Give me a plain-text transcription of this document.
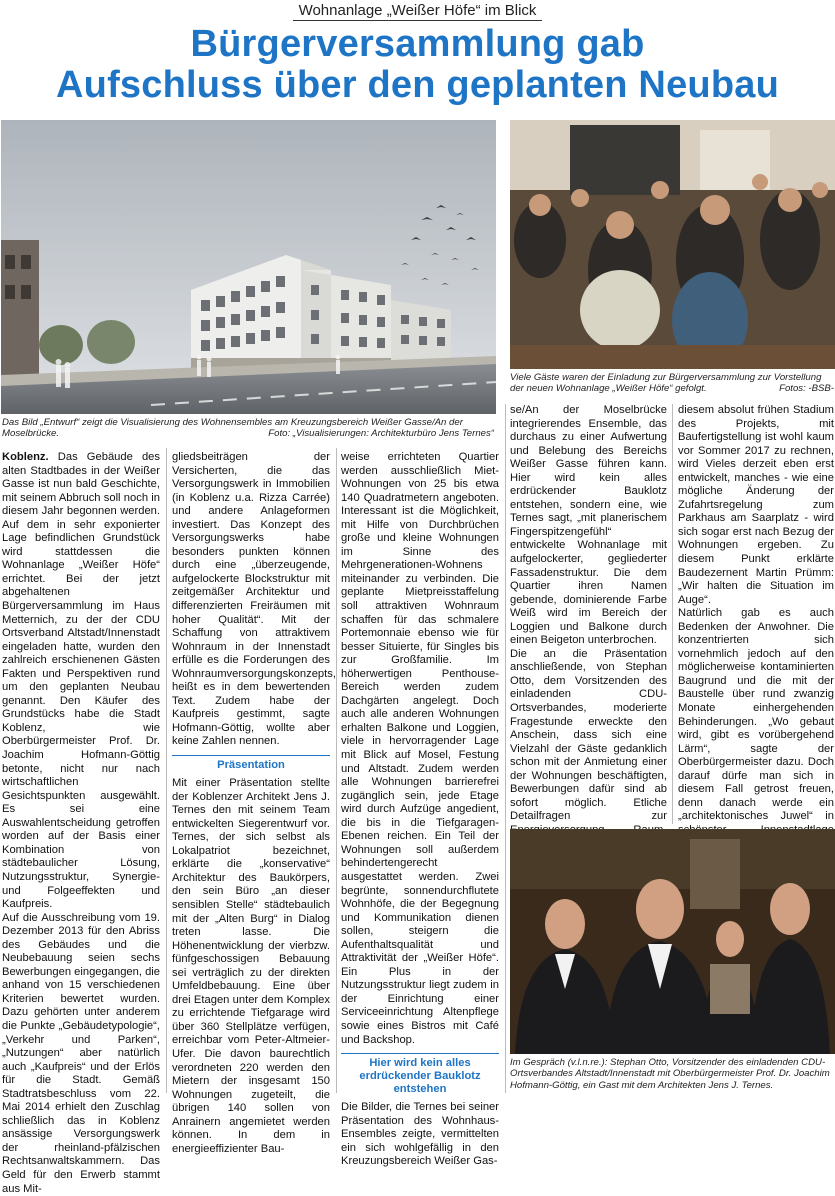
Wohnanlage „Weißer Höfe“ im Blick
Bürgerversammlung gab
Aufschluss über den geplanten Neubau
Das Bild „Entwurf“ zeigt die Visualisierung des Wohnensembles am Kreuzungsbereich Weißer Gasse/An der Moselbrücke.	Foto: „Visualisierungen: Architekturbüro Jens Ternes“
Viele Gäste waren der Einladung zur Bürgerversammlung zur Vorstellung der neuen Wohnanlage „Weißer Höfe“ gefolgt.	Fotos: -BSB-

Koblenz. Das Gebäude des alten Stadtbades in der Weißer Gasse ist nun bald Geschichte, mit seinem Abbruch soll noch in diesem Jahr begonnen werden. Auf dem in sehr exponierter Lage befindlichen Grundstück wird stattdessen die Wohnanlage „Weißer Höfe“ errichtet. Bei der jetzt abgehaltenen Bürgerversammlung im Haus Metternich, zu der der CDU Ortsverband Altstadt/Innenstadt eingeladen hatte, wurden den zahlreich erschienenen Gästen Fakten und Perspektiven rund um den geplanten Neubau genannt. Den Käufer des Grundstücks habe die Stadt Koblenz, wie Oberbürgermeister Prof. Dr. Joachim Hofmann-Göttig betonte, nicht nur nach wirtschaftlichen Gesichtspunkten ausgewählt. Es sei eine Auswahlentscheidung getroffen worden auf der Basis einer Kombination von städtebaulicher Lösung, Nutzungsstruktur, Synergie- und Folgeeffekten und Kaufpreis.

Auf die Ausschreibung vom 19. Dezember 2013 für den Abriss des Gebäudes und die Neubebauung seien sechs Bewerbungen eingegangen, die anhand von 15 verschiedenen Kriterien bewertet wurden. Dazu gehörten unter anderem die Punkte „Gebäudetypologie“, „Verkehr und Parken“, „Nutzungen“ aber natürlich auch „Kaufpreis“ und der Erlös für die Stadt. Gemäß Stadtratsbeschluss vom 22. Mai 2014 erhielt den Zuschlag schließlich das in Koblenz ansässige Versorgungswerk der rheinland-pfälzischen Rechtsanwaltskammern. Das Geld für den Erwerb stammt aus Mit-

gliedsbeiträgen der Versicherten, die das Versorgungswerk in Immobilien (in Koblenz u.a. Rizza Carrée) und andere Anlageformen investiert. Das Konzept des Versorgungswerks habe besonders punkten können durch eine „überzeugende, aufgelockerte Blockstruktur mit zeitgemäßer Architektur und differenzierten Freiräumen mit hoher Qualität“. Mit der Schaffung von attraktivem Wohnraum in der Innenstadt erfülle es die Forderungen des Wohnraumversorgungskonzepts, heißt es in dem bewertenden Text. Zudem habe der Kaufpreis gestimmt, sagte Hofmann-Göttig, wollte aber keine Zahlen nennen.

Präsentation

Mit einer Präsentation stellte der Koblenzer Architekt Jens J. Ternes den mit seinem Team entwickelten Siegerentwurf vor. Ternes, der sich selbst als Lokalpatriot bezeichnet, erklärte die „konservative“ Architektur des Baukörpers, den sein Büro „an dieser sensiblen Stelle“ städtebaulich mit der „Alten Burg“ in Dialog treten lasse. Die Höhenentwicklung der vierbzw. fünfgeschossigen Bebauung sei verträglich zu der direkten Umfeldbebauung. Eine über drei Etagen unter dem Komplex zu errichtende Tiefgarage wird über 360 Stellplätze verfügen, erreichbar vom Peter-Altmeier-Ufer. Die davon baurechtlich verordneten 220 werden den Mietern der insgesamt 150 Wohnungen zugeteilt, die übrigen 140 sollen von Anrainern angemietet werden können. In dem in energieeffizienter Bau-

weise errichteten Quartier werden ausschließlich Miet-Wohnungen von 25 bis etwa 140 Quadratmetern angeboten. Interessant ist die Möglichkeit, mit Hilfe von Durchbrüchen große und kleine Wohnungen im Sinne des Mehrgenerationen-Wohnens miteinander zu verbinden. Die geplante Mietpreisstaffelung soll attraktiven Wohnraum schaffen für das schmalere Portemonnaie ebenso wie für besser Situierte, für Singles bis zur Großfamilie. Im höherwertigen Penthouse-Bereich werden zudem Dachgärten angelegt. Doch auch alle anderen Wohnungen erhalten Balkone und Loggien, viele in hervorragender Lage mit Blick auf Mosel, Festung und Altstadt. Zudem werden alle Wohnungen barrierefrei zugänglich sein, jede Etage wird durch Aufzüge angedient, die bis in die Tiefgaragen-Ebenen reichen. Ein Teil der Wohnungen soll außerdem behindertengerecht ausgestattet werden. Zwei begrünte, sonnendurchflutete Wohnhöfe, die der Begegnung und Kommunikation dienen sollen, steigern die Aufenthaltsqualität und Attraktivität der „Weißer Höfe“. Ein Plus in der Nutzungsstruktur liegt zudem in der Einrichtung einer Serviceeinrichtung Altenpflege sowie eines Bistros mit Café und Backshop.

Hier wird kein alles erdrückender Bauklotz entstehen

Die Bilder, die Ternes bei seiner Präsentation des Wohnhaus-Ensembles zeigte, vermittelten ein sich wohlgefällig in den Kreuzungsbereich Weißer Gas-

se/An der Moselbrücke integrierendes Ensemble, das durchaus zu einer Aufwertung und Belebung des Bereichs Weißer Gasse führen kann. Hier wird kein alles erdrückender Bauklotz entstehen, sondern eine, wie Ternes sagt, „mit planerischem Fingerspitzengefühl“ entwickelte Wohnanlage mit aufgelockerter, gegliederter Fassadenstruktur. Die dem Quartier ihren Namen gebende, dominierende Farbe Weiß wird im Bereich der Loggien und Balkone durch einen Beigeton unterbrochen.

Die an die Präsentation anschließende, von Stephan Otto, dem Vorsitzenden des einladenden CDU-Ortsverbandes, moderierte Fragestunde erweckte den Anschein, dass sich eine Vielzahl der Gäste gedanklich schon mit der Anmietung einer der Wohnungen beschäftigten, Bewerbungen dafür sind ab sofort möglich. Etliche Detailfragen zur

diesem absolut frühen Stadium des Projekts, mit Baufertigstellung ist wohl kaum vor Sommer 2017 zu rechnen, wird Vieles derzeit eben erst entwickelt, manches - wie eine mögliche Änderung der Zufahrtsregelung zum Parkhaus am Saarplatz - wird sich sogar erst nach Bezug der Wohnungen ergeben. Zu diesem Punkt erklärte Baudezernent Martin Prümm: „Wir halten die Situation im Auge“.

Natürlich gab es auch Bedenken der Anwohner. Die konzentrierten sich vornehmlich jedoch auf den möglicherweise kontaminierten Baugrund und die mit der Baustelle über rund zwanzig Monate einhergehenden Behinderungen. „Wo gebaut wird, gibt es vorübergehend Lärm“, sagte der Oberbürgermeister dazu. Doch darauf dürfe man sich in diesem Fall getrost freuen, denn danach werde ein „architektonisches Juwel“ in

Im Gespräch (v.l.n.re.): Stephan Otto, Vorsitzender des einladenden CDU-Ortsverbandes Altstadt/Innenstadt mit Oberbürgermeister Prof. Dr. Joachim Hofmann-Göttig, ein Gast mit dem Architekten Jens J. Ternes.
